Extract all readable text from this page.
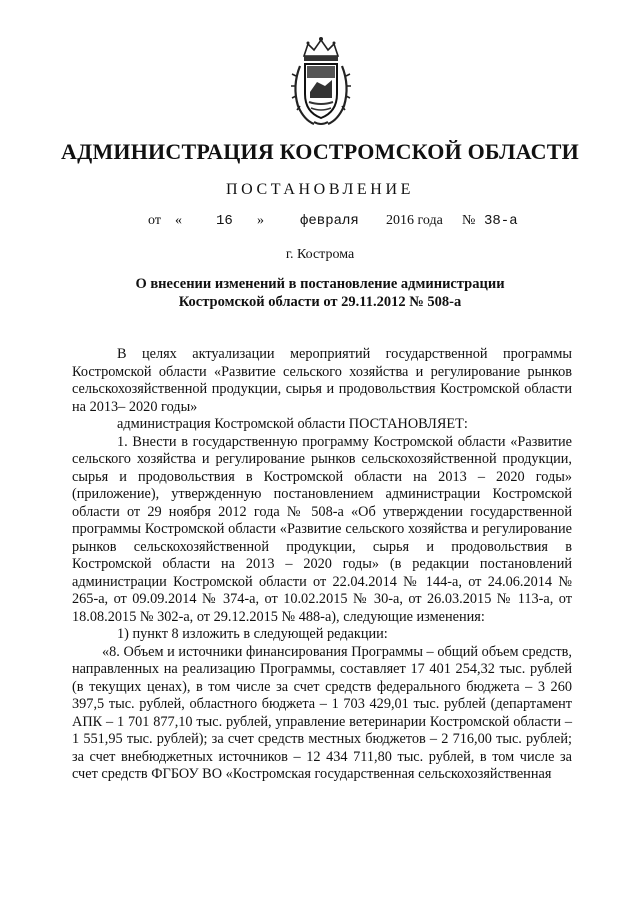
АДМИНИСТРАЦИЯ КОСТРОМСКОЙ ОБЛАСТИ
ПОСТАНОВЛЕНИЕ
от « 16 »	февраля 2016 года № 38-а
г. Кострома
О внесении изменений в постановление администрации
Костромской области от 29.11.2012 № 508-а

В целях актуализации мероприятий государственной программы Костромской области «Развитие сельского хозяйства и регулирование рынков сельскохозяйственной продукции, сырья и продовольствия Костромской области на 2013– 2020 годы»

администрация Костромской области ПОСТАНОВЛЯЕТ:

1. Внести в государственную программу Костромской области «Развитие сельского хозяйства и регулирование рынков сельскохозяйственной продукции, сырья и продовольствия в Костромской области на 2013 – 2020 годы» (приложение), утвержденную постановлением администрации Костромской области от 29 ноября 2012 года № 508-а «Об утверждении государственной программы Костромской области «Развитие сельского хозяйства и регулирование рынков сельскохозяйственной продукции, сырья и продовольствия в Костромской области на 2013 – 2020 годы» (в редакции постановлений администрации Костромской области от 22.04.2014 № 144-а, от 24.06.2014 № 265-а, от 09.09.2014 № 374-а, от 10.02.2015 № 30-а, от 26.03.2015 № 113-а, от 18.08.2015 № 302-а, от 29.12.2015 № 488-а), следующие изменения:

1) пункт 8 изложить в следующей редакции:

«8. Объем и источники финансирования Программы – общий объем средств, направленных на реализацию Программы, составляет 17 401 254,32 тыс. рублей (в текущих ценах), в том числе за счет средств федерального бюджета – 3 260 397,5 тыс. рублей, областного бюджета – 1 703 429,01 тыс. рублей (департамент АПК – 1 701 877,10 тыс. рублей, управление ветеринарии Костромской области – 1 551,95 тыс. рублей); за счет средств местных бюджетов – 2 716,00 тыс. рублей; за счет внебюджетных источников – 12 434 711,80 тыс. рублей, в том числе за счет средств ФГБОУ ВО «Костромская государственная сельскохозяйственная
